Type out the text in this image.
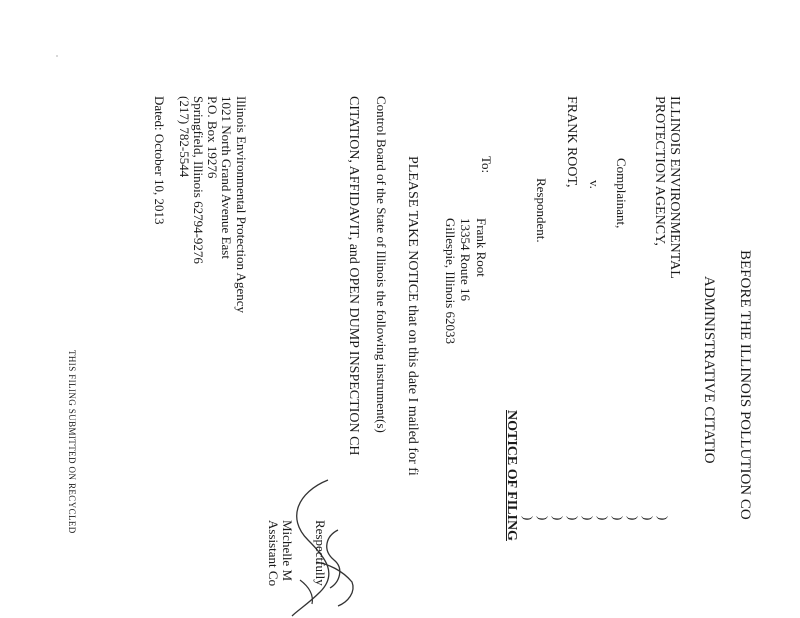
BEFORE THE ILLINOIS POLLUTION CO
ADMINISTRATIVE CITATIO
ILLINOIS ENVIRONMENTAL
PROTECTION AGENCY,
Complainant,
v.
FRANK ROOT,
Respondent.
)
)
)
)
)
)
)
)
)
)
NOTICE OF FILING
To:
Frank Root
13354 Route 16
Gillespie, Illinois 62033
PLEASE TAKE NOTICE that on this date I mailed for fi
Control Board of the State of Illinois the following instrument(s)
CITATION, AFFIDAVIT, and OPEN DUMP INSPECTION CH
Respectfully
Michelle M
Assistant Co
Illinois Environmental Protection Agency
1021 North Grand Avenue East
P.O. Box 19276
Springfield, Illinois 62794-9276
(217) 782-5544
Dated: October 10, 2013
THIS FILING SUBMITTED ON RECYCLED
